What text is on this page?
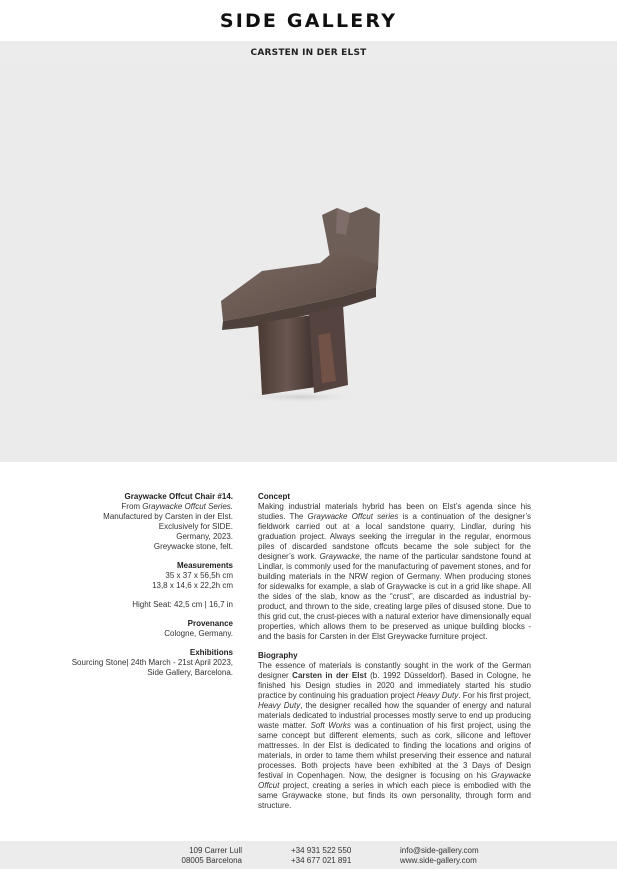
SIDE GALLERY
CARSTEN IN DER ELST
Graywacke Offcut Chair #14.
From Graywacke Offcut Series.
Manufactured by Carsten in der Elst.
Exclusively for SIDE.
Germany, 2023.
Greywacke stone, felt.
Measurements
35 x 37 x 56,5h cm
13,8 x 14,6 x 22,2h cm
Hight Seat: 42,5 cm | 16,7 in
Provenance
Cologne, Germany.
Exhibitions
Sourcing Stone| 24th March - 21st April 2023,
Side Gallery, Barcelona.

Concept
Making industrial materials hybrid has been on Elst’s agenda since his studies. The Graywacke Offcut series is a continuation of the designer’s fieldwork carried out at a local sandstone quarry, Lindlar, during his graduation project. Always seeking the irregular in the regular, enormous piles of discarded sandstone offcuts became the sole subject for the designer’s work. Graywacke, the name of the particular sandstone found at Lindlar, is commonly used for the manufacturing of pavement stones, and for building materials in the NRW region of Germany. When producing stones for sidewalks for example, a slab of Graywacke is cut in a grid like shape. All the sides of the slab, know as the “crust”, are discarded as industrial by-product, and thrown to the side, creating large piles of disused stone. Due to this grid cut, the crust-pieces with a natural exterior have dimensionally equal properties, which allows them to be preserved as unique building blocks - and the basis for Carsten in der Elst Greywacke furniture project.

Biography
The essence of materials is constantly sought in the work of the German designer Carsten in der Elst (b. 1992 Düsseldorf). Based in Cologne, he finished his Design studies in 2020 and immediately started his studio practice by continuing his graduation project Heavy Duty. For his first project, Heavy Duty, the designer recalled how the squander of energy and natural materials dedicated to industrial processes mostly serve to end up producing waste matter. Soft Works was a continuation of his first project, using the same concept but different elements, such as cork, silicone and leftover mattresses. In der Elst is dedicated to finding the locations and origins of materials, in order to tame them whilst preserving their essence and natural processes. Both projects have been exhibited at the 3 Days of Design festival in Copenhagen. Now, the designer is focusing on his Graywacke Offcut project, creating a series in which each piece is embodied with the same Graywacke stone, but finds its own personality, through form and structure.

109 Carrer Lull
08005 Barcelona
+34 931 522 550
+34 677 021 891
info@side-gallery.com
www.side-gallery.com
